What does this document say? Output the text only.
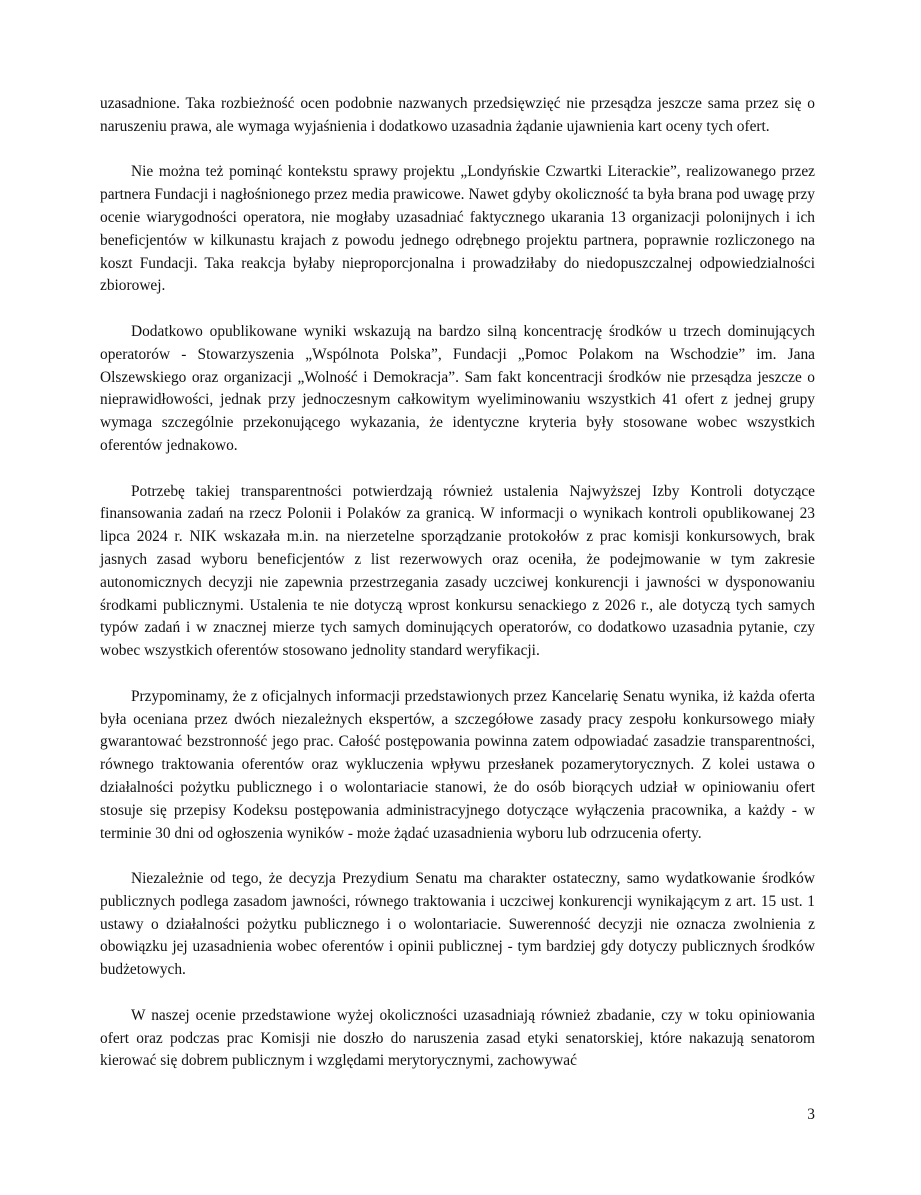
uzasadnione. Taka rozbieżność ocen podobnie nazwanych przedsięwzięć nie przesądza jeszcze sama przez się o naruszeniu prawa, ale wymaga wyjaśnienia i dodatkowo uzasadnia żądanie ujawnienia kart oceny tych ofert.

Nie można też pominąć kontekstu sprawy projektu „Londyńskie Czwartki Literackie”, realizowanego przez partnera Fundacji i nagłośnionego przez media prawicowe. Nawet gdyby okoliczność ta była brana pod uwagę przy ocenie wiarygodności operatora, nie mogłaby uzasadniać faktycznego ukarania 13 organizacji polonijnych i ich beneficjentów w kilkunastu krajach z powodu jednego odrębnego projektu partnera, poprawnie rozliczonego na koszt Fundacji. Taka reakcja byłaby nieproporcjonalna i prowadziłaby do niedopuszczalnej odpowiedzialności zbiorowej.

Dodatkowo opublikowane wyniki wskazują na bardzo silną koncentrację środków u trzech dominujących operatorów - Stowarzyszenia „Wspólnota Polska”, Fundacji „Pomoc Polakom na Wschodzie” im. Jana Olszewskiego oraz organizacji „Wolność i Demokracja”. Sam fakt koncentracji środków nie przesądza jeszcze o nieprawidłowości, jednak przy jednoczesnym całkowitym wyeliminowaniu wszystkich 41 ofert z jednej grupy wymaga szczególnie przekonującego wykazania, że identyczne kryteria były stosowane wobec wszystkich oferentów jednakowo.

Potrzebę takiej transparentności potwierdzają również ustalenia Najwyższej Izby Kontroli dotyczące finansowania zadań na rzecz Polonii i Polaków za granicą. W informacji o wynikach kontroli opublikowanej 23 lipca 2024 r. NIK wskazała m.in. na nierzetelne sporządzanie protokołów z prac komisji konkursowych, brak jasnych zasad wyboru beneficjentów z list rezerwowych oraz oceniła, że podejmowanie w tym zakresie autonomicznych decyzji nie zapewnia przestrzegania zasady uczciwej konkurencji i jawności w dysponowaniu środkami publicznymi. Ustalenia te nie dotyczą wprost konkursu senackiego z 2026 r., ale dotyczą tych samych typów zadań i w znacznej mierze tych samych dominujących operatorów, co dodatkowo uzasadnia pytanie, czy wobec wszystkich oferentów stosowano jednolity standard weryfikacji.

Przypominamy, że z oficjalnych informacji przedstawionych przez Kancelarię Senatu wynika, iż każda oferta była oceniana przez dwóch niezależnych ekspertów, a szczegółowe zasady pracy zespołu konkursowego miały gwarantować bezstronność jego prac. Całość postępowania powinna zatem odpowiadać zasadzie transparentności, równego traktowania oferentów oraz wykluczenia wpływu przesłanek pozamerytorycznych. Z kolei ustawa o działalności pożytku publicznego i o wolontariacie stanowi, że do osób biorących udział w opiniowaniu ofert stosuje się przepisy Kodeksu postępowania administracyjnego dotyczące wyłączenia pracownika, a każdy - w terminie 30 dni od ogłoszenia wyników - może żądać uzasadnienia wyboru lub odrzucenia oferty.

Niezależnie od tego, że decyzja Prezydium Senatu ma charakter ostateczny, samo wydatkowanie środków publicznych podlega zasadom jawności, równego traktowania i uczciwej konkurencji wynikającym z art. 15 ust. 1 ustawy o działalności pożytku publicznego i o wolontariacie. Suwerenność decyzji nie oznacza zwolnienia z obowiązku jej uzasadnienia wobec oferentów i opinii publicznej - tym bardziej gdy dotyczy publicznych środków budżetowych.

W naszej ocenie przedstawione wyżej okoliczności uzasadniają również zbadanie, czy w toku opiniowania ofert oraz podczas prac Komisji nie doszło do naruszenia zasad etyki senatorskiej, które nakazują senatorom kierować się dobrem publicznym i względami merytorycznymi, zachowywać

3
